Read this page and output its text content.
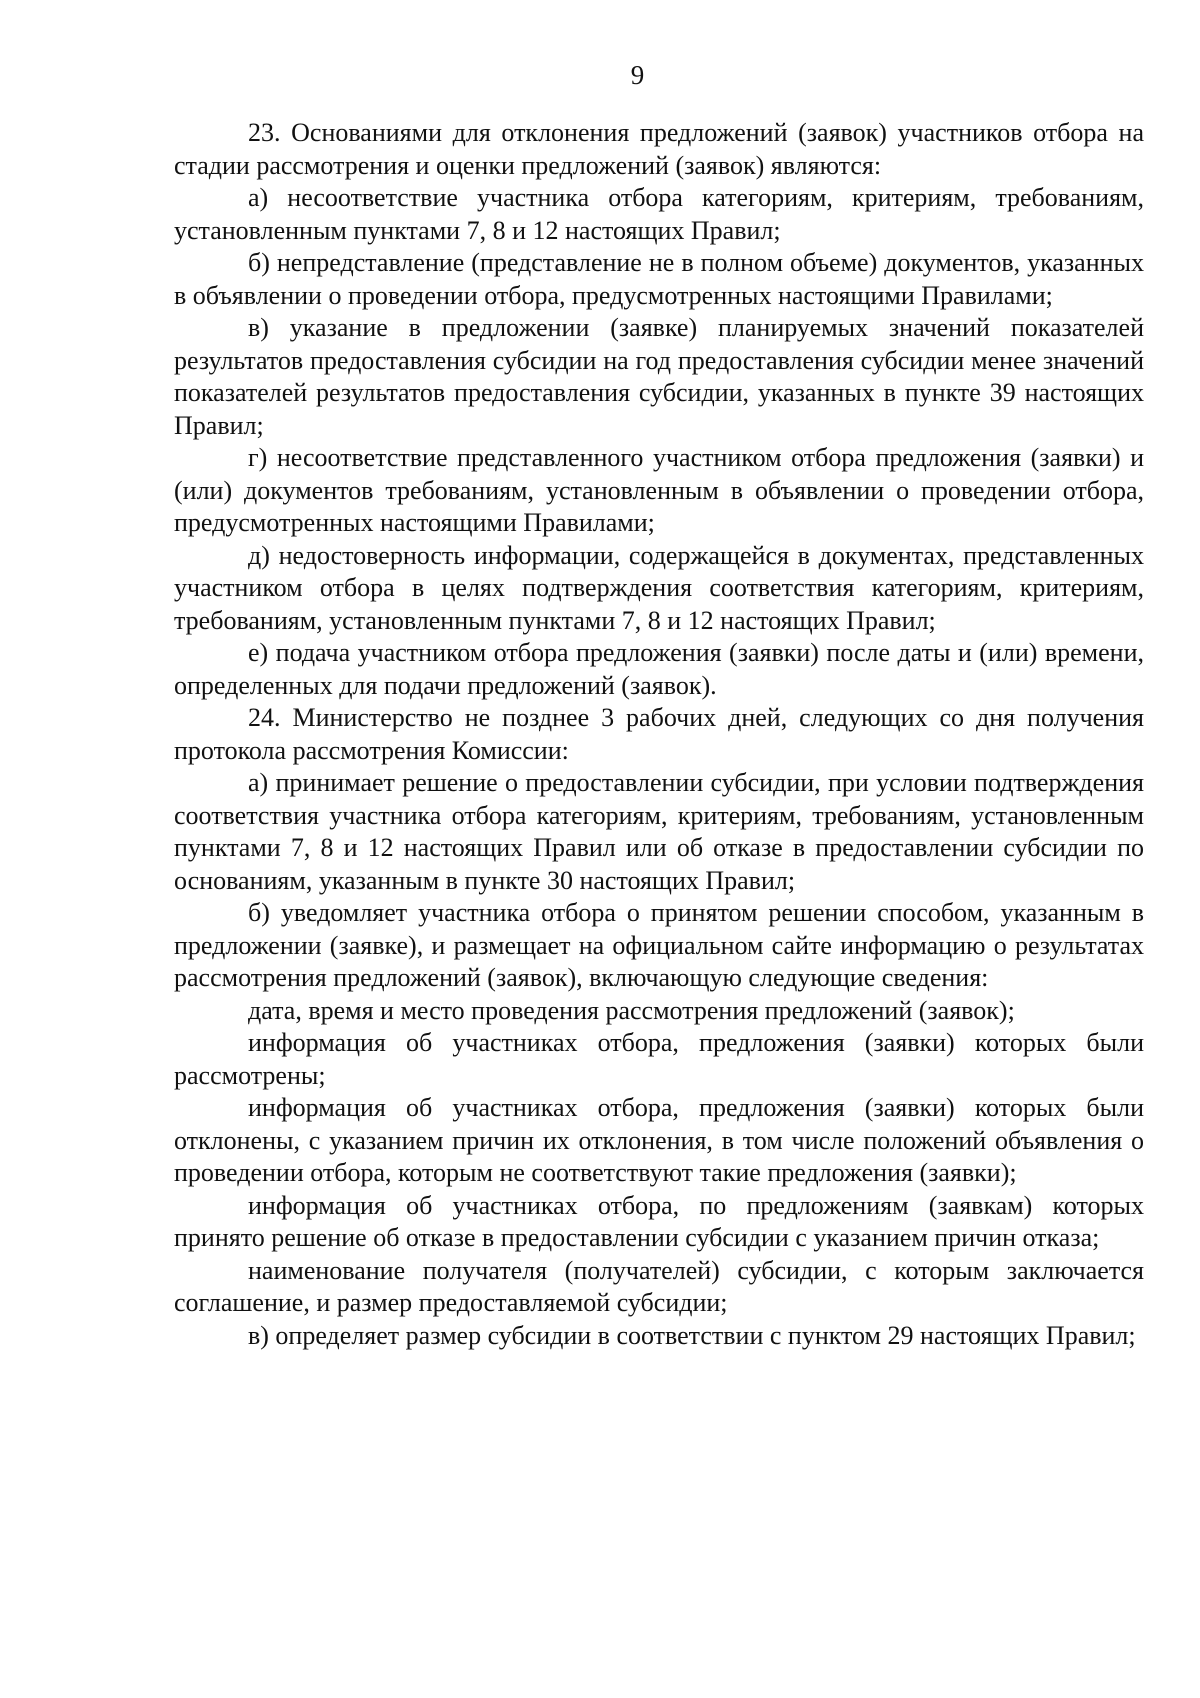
9

23. Основаниями для отклонения предложений (заявок) участников отбора на стадии рассмотрения и оценки предложений (заявок) являются:

а) несоответствие участника отбора категориям, критериям, требованиям, установленным пунктами 7, 8 и 12 настоящих Правил;

б) непредставление (представление не в полном объеме) документов, указанных в объявлении о проведении отбора, предусмотренных настоящими Правилами;

в) указание в предложении (заявке) планируемых значений показателей результатов предоставления субсидии на год предоставления субсидии менее значений показателей результатов предоставления субсидии, указанных в пункте 39 настоящих Правил;

г) несоответствие представленного участником отбора предложения (заявки) и (или) документов требованиям, установленным в объявлении о проведении отбора, предусмотренных настоящими Правилами;

д) недостоверность информации, содержащейся в документах, представленных участником отбора в целях подтверждения соответствия категориям, критериям, требованиям, установленным пунктами 7, 8 и 12 настоящих Правил;

е) подача участником отбора предложения (заявки) после даты и (или) времени, определенных для подачи предложений (заявок).

24. Министерство не позднее 3 рабочих дней, следующих со дня получения протокола рассмотрения Комиссии:

а) принимает решение о предоставлении субсидии, при условии подтверждения соответствия участника отбора категориям, критериям, требованиям, установленным пунктами 7, 8 и 12 настоящих Правил или об отказе в предоставлении субсидии по основаниям, указанным в пункте 30 настоящих Правил;

б) уведомляет участника отбора о принятом решении способом, указанным в предложении (заявке), и размещает на официальном сайте информацию о результатах рассмотрения предложений (заявок), включающую следующие сведения:

дата, время и место проведения рассмотрения предложений (заявок);

информация об участниках отбора, предложения (заявки) которых были рассмотрены;

информация об участниках отбора, предложения (заявки) которых были отклонены, с указанием причин их отклонения, в том числе положений объявления о проведении отбора, которым не соответствуют такие предложения (заявки);

информация об участниках отбора, по предложениям (заявкам) которых принято решение об отказе в предоставлении субсидии с указанием причин отказа;

наименование получателя (получателей) субсидии, с которым заключается соглашение, и размер предоставляемой субсидии;

в) определяет размер субсидии в соответствии с пунктом 29 настоящих Правил;
